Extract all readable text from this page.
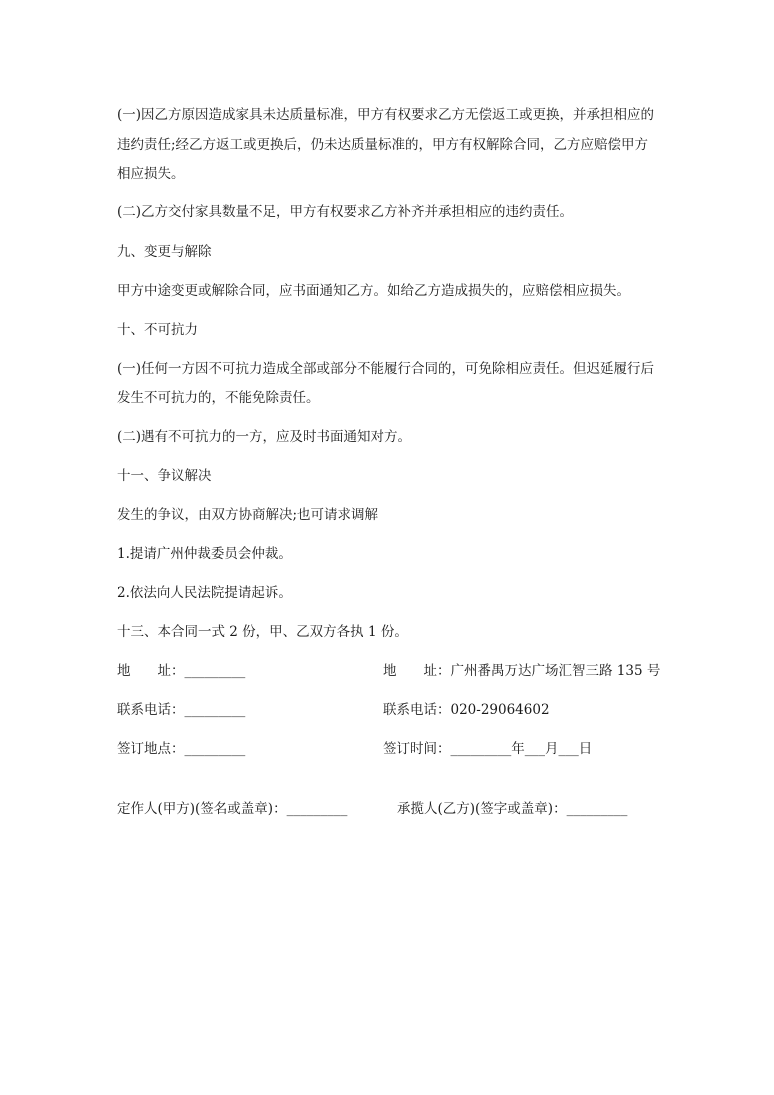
(一)因乙方原因造成家具未达质量标准，甲方有权要求乙方无偿返工或更换，并承担相应的

违约责任;经乙方返工或更换后，仍未达质量标准的，甲方有权解除合同，乙方应赔偿甲方

相应损失。

(二)乙方交付家具数量不足，甲方有权要求乙方补齐并承担相应的违约责任。

九、变更与解除

甲方中途变更或解除合同，应书面通知乙方。如给乙方造成损失的，应赔偿相应损失。

十、不可抗力

(一)任何一方因不可抗力造成全部或部分不能履行合同的，可免除相应责任。但迟延履行后

发生不可抗力的，不能免除责任。

(二)遇有不可抗力的一方，应及时书面通知对方。

十一、争议解决

发生的争议，由双方协商解决;也可请求调解

1.提请广州仲裁委员会仲裁。

2.依法向人民法院提请起诉。

十三、本合同一式 2 份，甲、乙双方各执 1 份。

地　　址：_________	地　　址：广州番禺万达广场汇智三路 135 号
联系电话：_________	联系电话：020-29064602
签订地点：_________	签订时间：_________年___月___日
定作人(甲方)(签名或盖章)：_________	承揽人(乙方)(签字或盖章)：_________
